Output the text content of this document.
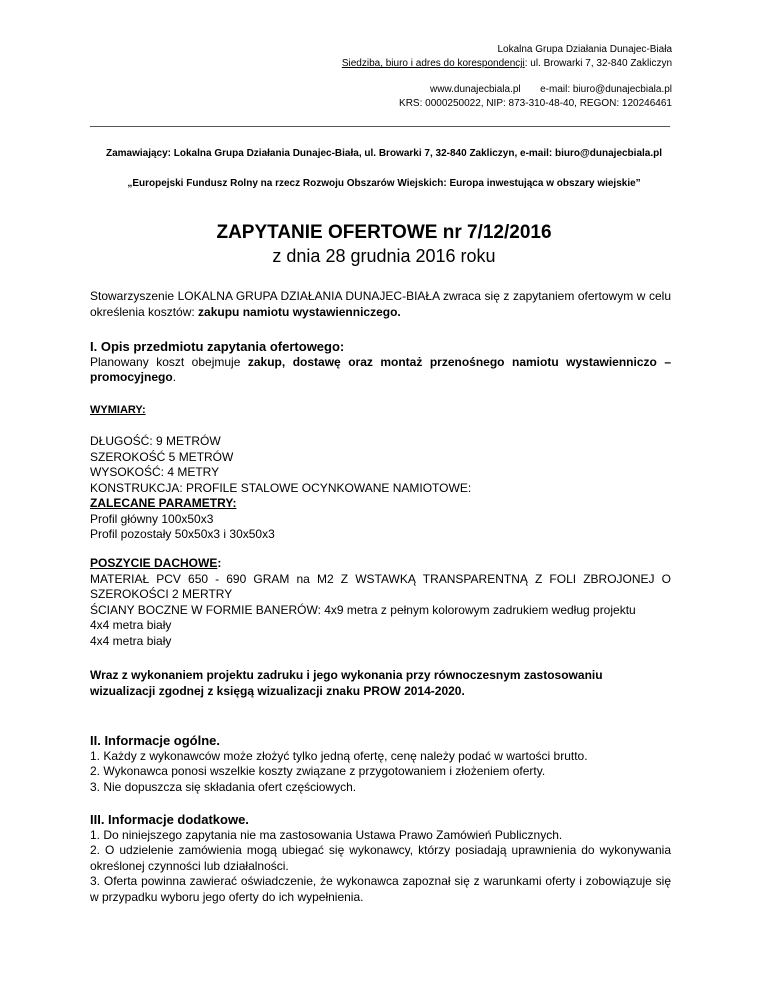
Lokalna Grupa Działania Dunajec-Biała
Siedziba, biuro i adres do korespondencji: ul. Browarki 7, 32-840 Zakliczyn
www.dunajecbiala.pl e-mail: biuro@dunajecbiala.pl
KRS: 0000250022, NIP: 873-310-48-40, REGON: 120246461
Zamawiający: Lokalna Grupa Działania Dunajec-Biała, ul. Browarki 7, 32-840 Zakliczyn, e-mail: biuro@dunajecbiala.pl
„Europejski Fundusz Rolny na rzecz Rozwoju Obszarów Wiejskich: Europa inwestująca w obszary wiejskie”
ZAPYTANIE OFERTOWE nr 7/12/2016
z dnia 28 grudnia 2016 roku
Stowarzyszenie LOKALNA GRUPA DZIAŁANIA DUNAJEC-BIAŁA zwraca się z zapytaniem ofertowym w celu określenia kosztów: zakupu namiotu wystawienniczego.

I. Opis przedmiotu zapytania ofertowego:

Planowany koszt obejmuje zakup, dostawę oraz montaż przenośnego namiotu wystawienniczo – promocyjnego.

WYMIARY:

DŁUGOŚĆ: 9 METRÓW

SZEROKOŚĆ 5 METRÓW

WYSOKOŚĆ: 4 METRY

KONSTRUKCJA: PROFILE STALOWE OCYNKOWANE NAMIOTOWE:

ZALECANE PARAMETRY:

Profil główny 100x50x3

Profil pozostały 50x50x3 i 30x50x3

POSZYCIE DACHOWE:

MATERIAŁ PCV 650 - 690 GRAM na M2 Z WSTAWKĄ TRANSPARENTNĄ Z FOLI ZBROJONEJ O SZEROKOŚCI 2 MERTRY

ŚCIANY BOCZNE W FORMIE BANERÓW: 4x9 metra z pełnym kolorowym zadrukiem według projektu

4x4 metra biały

4x4 metra biały

Wraz z wykonaniem projektu zadruku i jego wykonania przy równoczesnym zastosowaniu wizualizacji zgodnej z księgą wizualizacji znaku PROW 2014-2020.

II. Informacje ogólne.

1. Każdy z wykonawców może złożyć tylko jedną ofertę, cenę należy podać w wartości brutto.

2. Wykonawca ponosi wszelkie koszty związane z przygotowaniem i złożeniem oferty.

3. Nie dopuszcza się składania ofert częściowych.

III. Informacje dodatkowe.

1. Do niniejszego zapytania nie ma zastosowania Ustawa Prawo Zamówień Publicznych.

2. O udzielenie zamówienia mogą ubiegać się wykonawcy, którzy posiadają uprawnienia do wykonywania określonej czynności lub działalności.

3. Oferta powinna zawierać oświadczenie, że wykonawca zapoznał się z warunkami oferty i zobowiązuje się w przypadku wyboru jego oferty do ich wypełnienia.
